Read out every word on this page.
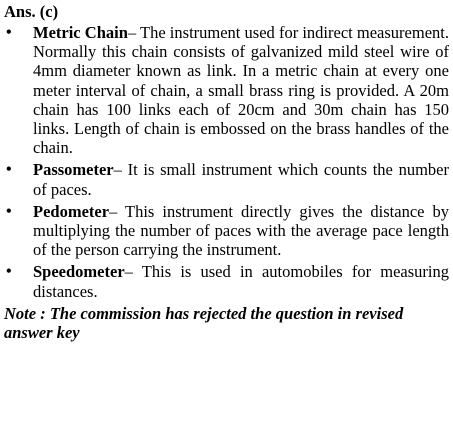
Ans. (c)
• Metric Chain– The instrument used for indirect measurement. Normally this chain consists of galvanized mild steel wire of 4mm diameter known as link. In a metric chain at every one meter interval of chain, a small brass ring is provided. A 20m chain has 100 links each of 20cm and 30m chain has 150 links. Length of chain is embossed on the brass handles of the chain.
• Passometer– It is small instrument which counts the number of paces.
• Pedometer– This instrument directly gives the distance by multiplying the number of paces with the average pace length of the person carrying the instrument.
• Speedometer– This is used in automobiles for measuring distances.

Note : The commission has rejected the question in revised answer key
